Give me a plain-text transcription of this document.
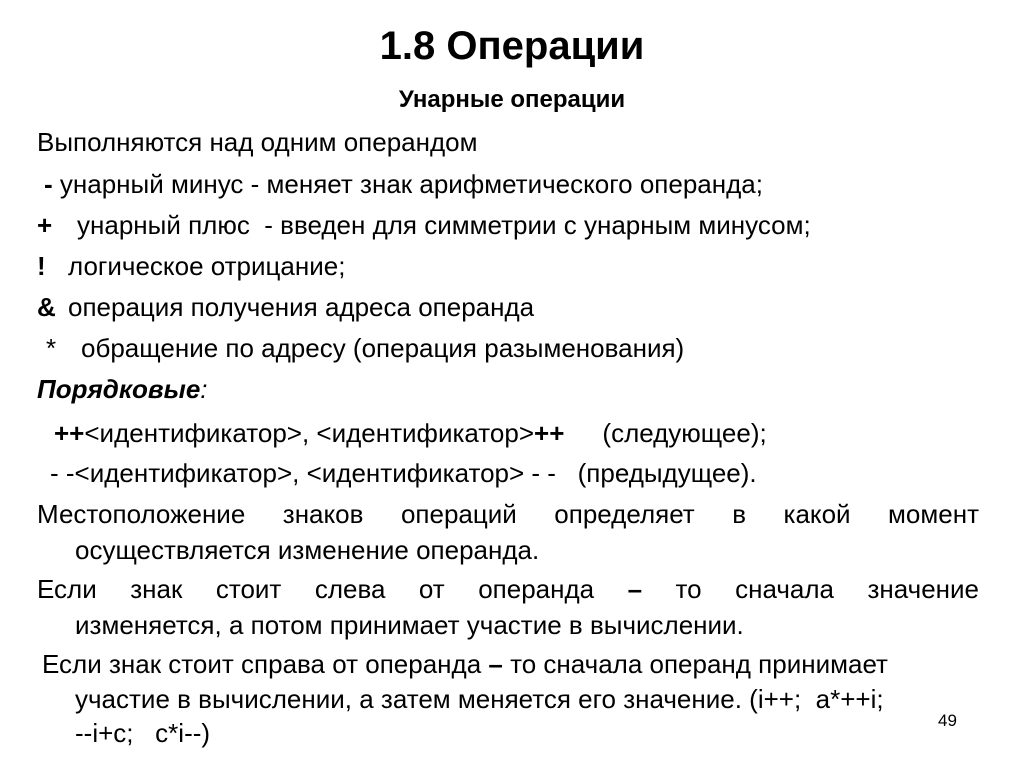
1.8 Операции
Унарные операции
Выполняются над одним операндом
- унарный минус - меняет знак арифметического операнда;
+ унарный плюс  - введен для симметрии с унарным минусом;
! логическое отрицание;
& операция получения адреса операнда
* обращение по адресу (операция разыменования)
Порядковые:
++<идентификатор>, <идентификатор>++ (следующее);
- -<идентификатор>, <идентификатор> - -   (предыдущее).
Местоположение знаков операций определяет в какой момент
осуществляется изменение операнда.
Если знак стоит слева от операнда – то сначала значение
изменяется, а потом принимает участие в вычислении.
Если знак стоит справа от операнда – то сначала операнд принимает
участие в вычислении, а затем меняется его значение. (i++;  a*++i;
--i+c;   c*i--)	49
